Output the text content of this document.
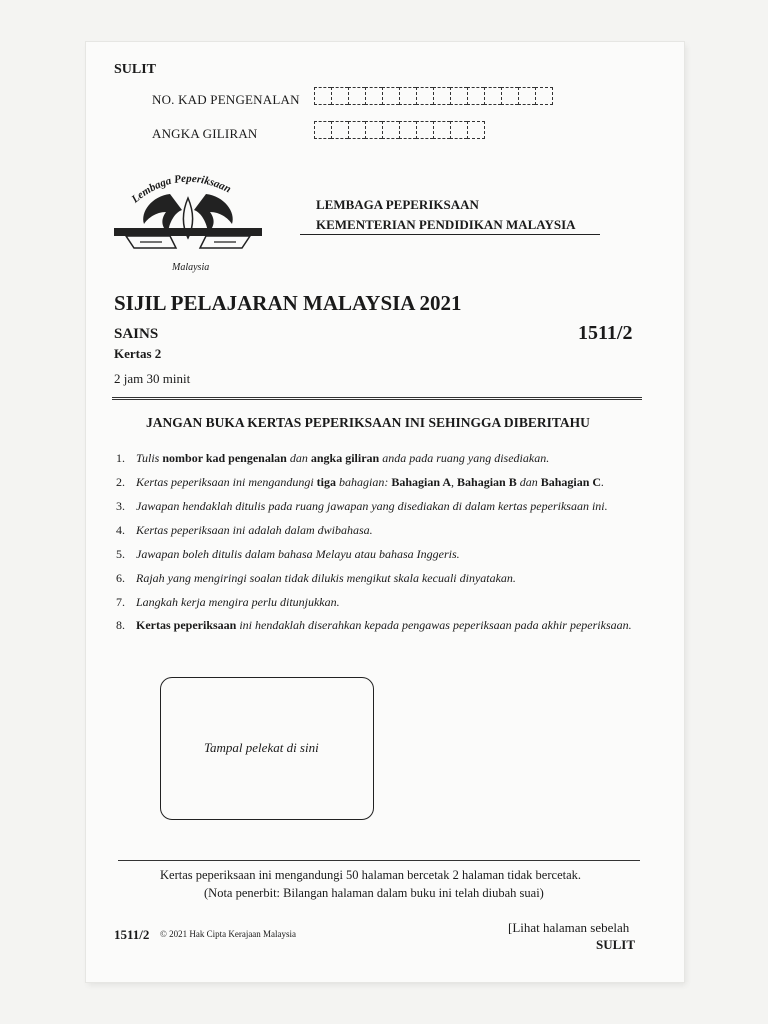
SULIT
NO. KAD PENGENALAN
ANGKA GILIRAN
Lembaga Peperiksaan
Malaysia
LEMBAGA PEPERIKSAAN
KEMENTERIAN PENDIDIKAN MALAYSIA
SIJIL PELAJARAN MALAYSIA 2021
SAINS	1511/2
Kertas 2
2 jam 30 minit
JANGAN BUKA KERTAS PEPERIKSAAN INI SEHINGGA DIBERITAHU
1. Tulis nombor kad pengenalan dan angka giliran anda pada ruang yang disediakan.
2. Kertas peperiksaan ini mengandungi tiga bahagian: Bahagian A, Bahagian B dan Bahagian C.
3. Jawapan hendaklah ditulis pada ruang jawapan yang disediakan di dalam kertas peperiksaan ini.
4. Kertas peperiksaan ini adalah dalam dwibahasa.
5. Jawapan boleh ditulis dalam bahasa Melayu atau bahasa Inggeris.
6. Rajah yang mengiringi soalan tidak dilukis mengikut skala kecuali dinyatakan.
7. Langkah kerja mengira perlu ditunjukkan.
8. Kertas peperiksaan ini hendaklah diserahkan kepada pengawas peperiksaan pada akhir peperiksaan.
Tampal pelekat di sini
Kertas peperiksaan ini mengandungi 50 halaman bercetak 2 halaman tidak bercetak.
(Nota penerbit: Bilangan halaman dalam buku ini telah diubah suai)
1511/2 © 2021 Hak Cipta Kerajaan Malaysia	[Lihat halaman sebelah
SULIT
